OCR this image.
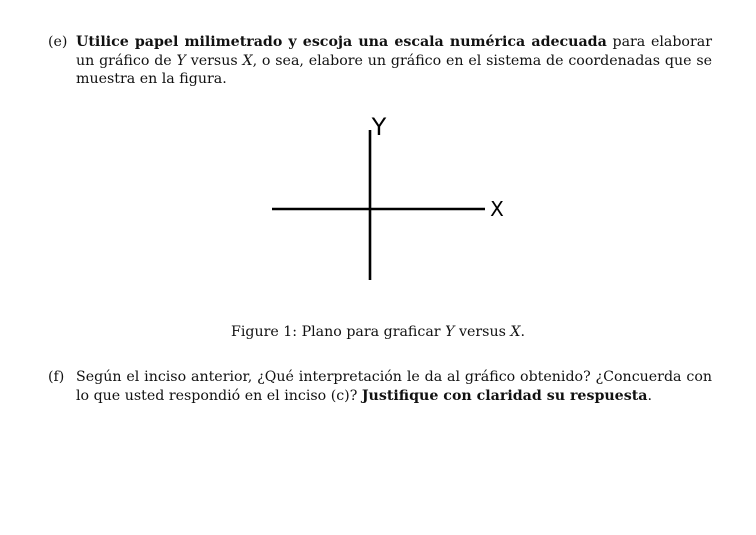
(e) Utilice papel milimetrado y escoja una escala numérica adecuada para elaborar un gráfico de Y versus X, o sea, elabore un gráfico en el sistema de coordenadas que se muestra en la figura.
Y
X
Figure 1: Plano para graficar Y versus X.
(f) Según el inciso anterior, ¿Qué interpretación le da al gráfico obtenido? ¿Concuerda con lo que usted respondió en el inciso (c)? Justifique con claridad su respuesta.
